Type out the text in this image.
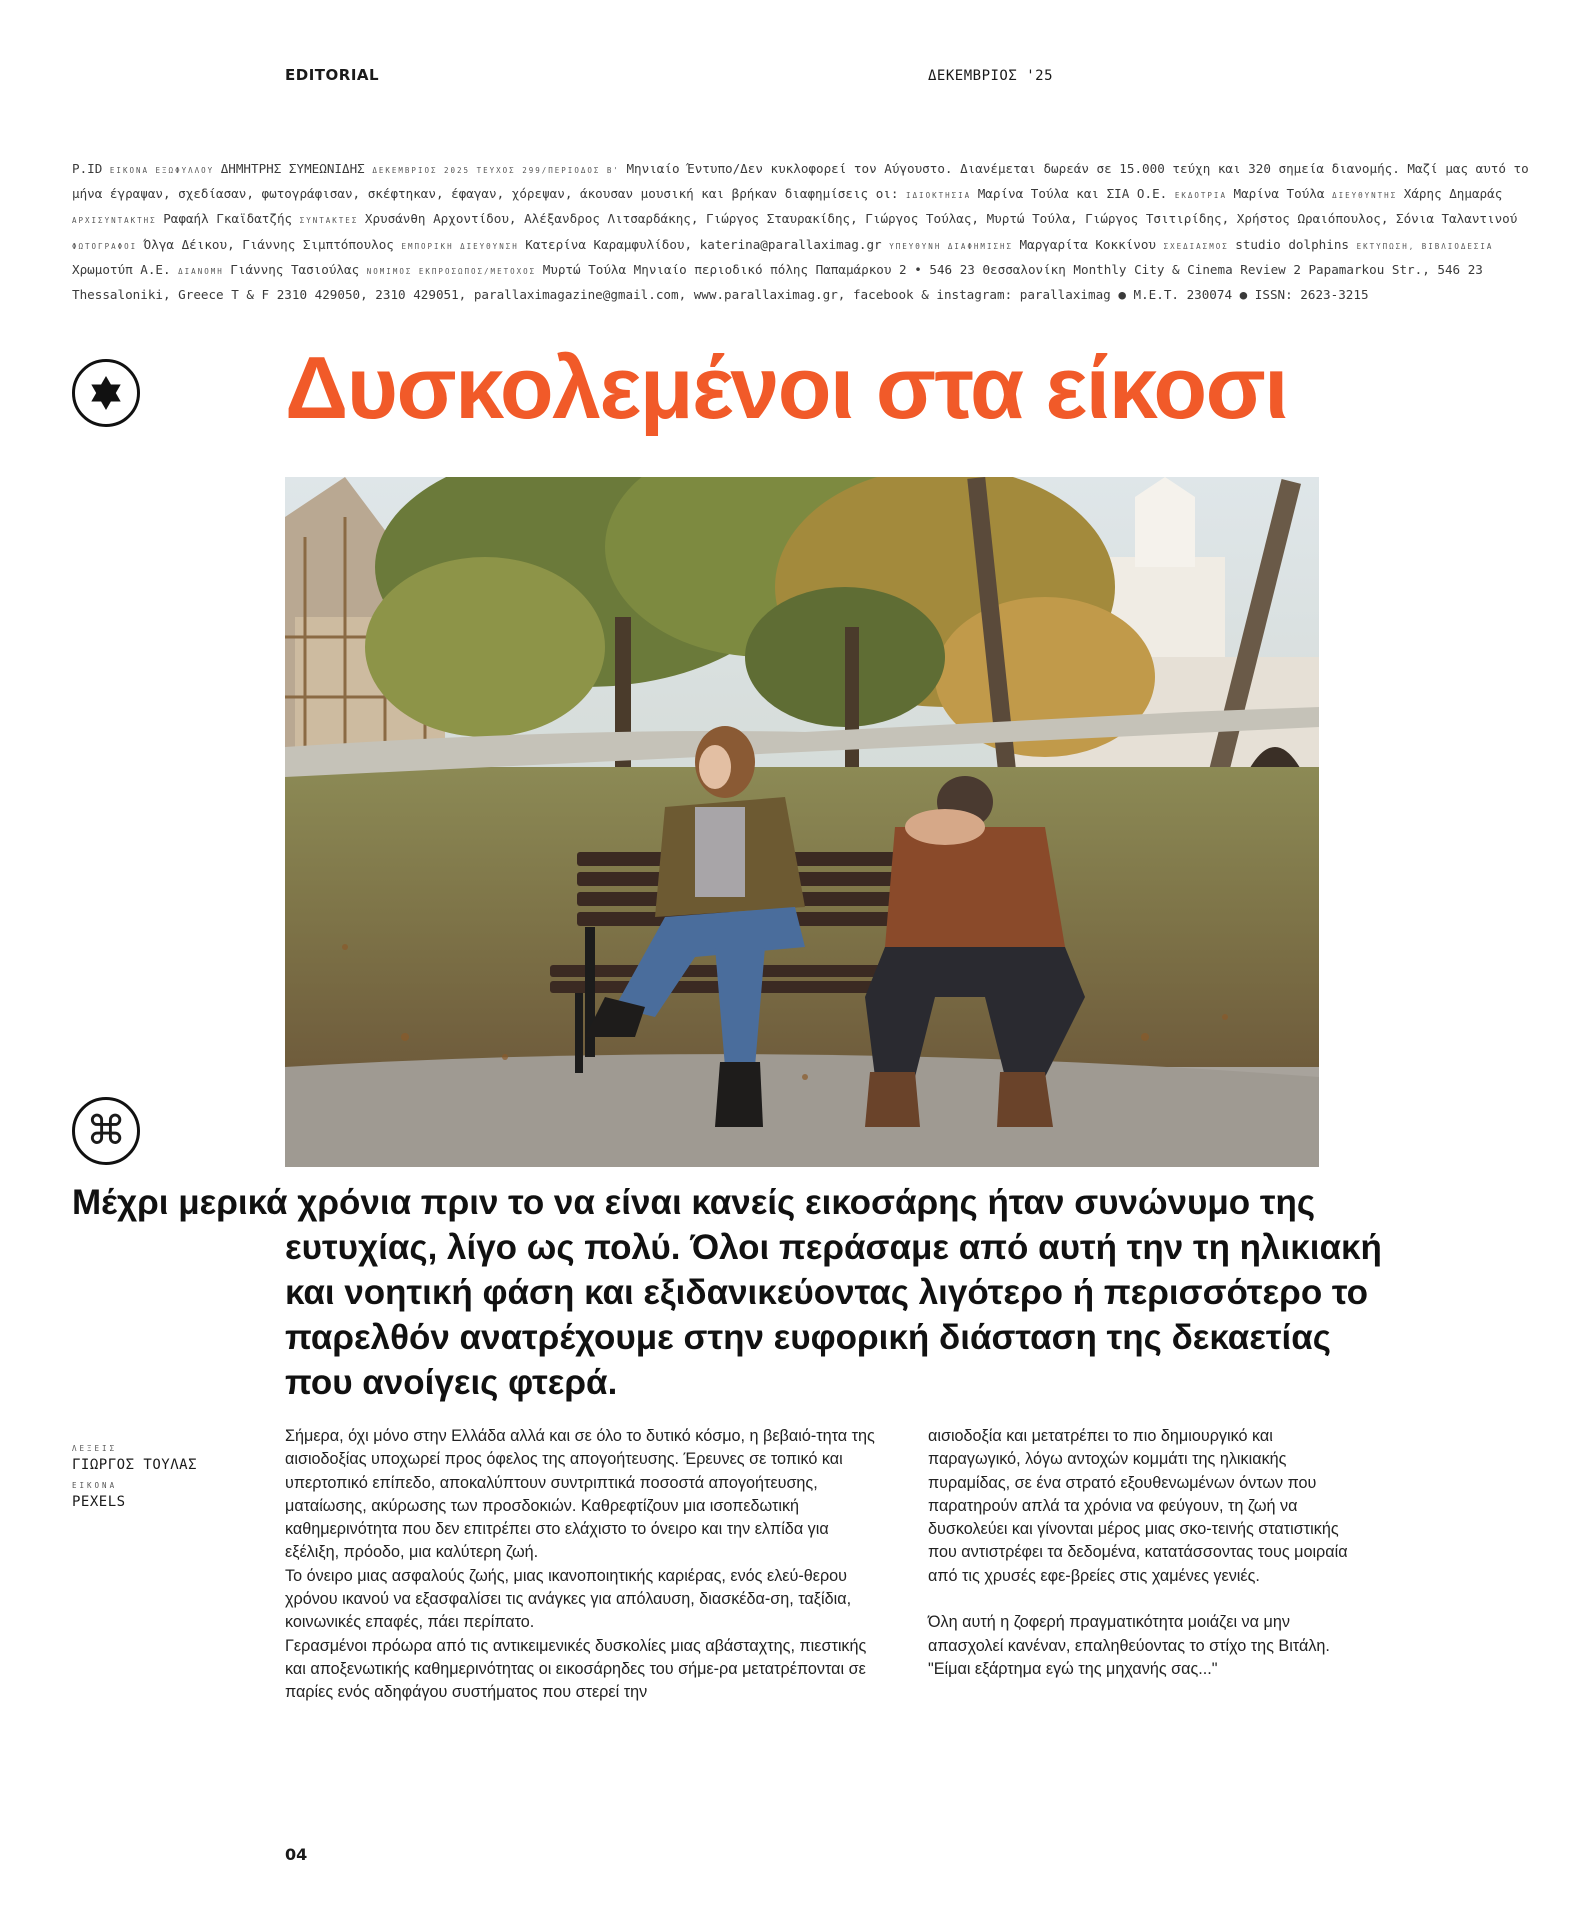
EDITORIAL	ΔΕΚΕΜΒΡΙΟΣ '25
P.ID ΕΙΚΟΝΑ ΕΞΩΦΥΛΛΟΥ ΔΗΜΗΤΡΗΣ ΣΥΜΕΩΝΙΔΗΣ ΔΕΚΕΜΒΡΙΟΣ 2025 ΤΕΥΧΟΣ 299/ΠΕΡΙΟΔΟΣ Β' Μηνιαίο Έντυπο/Δεν κυκλοφορεί τον Αύγουστο. Διανέμεται δωρεάν σε 15.000 τεύχη και 320 σημεία διανομής. Μαζί μας αυτό το μήνα έγραψαν, σχεδίασαν, φωτογράφισαν, σκέφτηκαν, έφαγαν, χόρεψαν, άκουσαν μουσική και βρήκαν διαφημίσεις οι: ΙΔΙΟΚΤΗΣΙΑ Μαρίνα Τούλα και ΣΙΑ Ο.Ε. ΕΚΔΟΤΡΙΑ Μαρίνα Τούλα ΔΙΕΥΘΥΝΤΗΣ Χάρης Δημαράς ΑΡΧΙΣΥΝΤΑΚΤΗΣ Ραφαήλ Γκαϊδατζής ΣΥΝΤΑΚΤΕΣ Χρυσάνθη Αρχοντίδου, Αλέξανδρος Λιτσαρδάκης, Γιώργος Σταυρακίδης, Γιώργος Τούλας, Μυρτώ Τούλα, Γιώργος Τσιτιρίδης, Χρήστος Ωραιόπουλος, Σόνια Ταλαντινού ΦΩΤΟΓΡΑΦΟΙ Όλγα Δέικου, Γιάννης Σιμπτόπουλος ΕΜΠΟΡΙΚΗ ΔΙΕΥΘΥΝΣΗ Κατερίνα Καραμφυλίδου, katerina@parallaximag.gr ΥΠΕΥΘΥΝΗ ΔΙΑΦΗΜΙΣΗΣ Μαργαρίτα Κοκκίνου ΣΧΕΔΙΑΣΜΟΣ studio dolphins ΕΚΤΥΠΩΣΗ, ΒΙΒΛΙΟΔΕΣΙΑ Χρωμοτύπ Α.Ε. ΔΙΑΝΟΜΗ Γιάννης Τασιούλας ΝΟΜΙΜΟΣ ΕΚΠΡΟΣΩΠΟΣ/ΜΕΤΟΧΟΣ Μυρτώ Τούλα Μηνιαίο περιοδικό πόλης Παπαμάρκου 2 • 546 23 Θεσσαλονίκη Monthly City & Cinema Review 2 Papamarkou Str., 546 23 Thessaloniki, Greece T & F 2310 429050, 2310 429051, parallaximagazine@gmail.com, www.parallaximag.gr, facebook & instagram: parallaximag ● Μ.Ε.Τ. 230074 ● ISSN: 2623-3215
Δυσκολεμένοι στα είκοσι
⌘
Μέχρι μερικά χρόνια πριν το να είναι κανείς εικοσάρης ήταν συνώνυμο της
ευτυχίας, λίγο ως πολύ. Όλοι περάσαμε από αυτή την τη ηλικιακή
και νοητική φάση και εξιδανικεύοντας λιγότερο ή περισσότερο το
παρελθόν ανατρέχουμε στην ευφορική διάσταση της δεκαετίας
που ανοίγεις φτερά.
ΛΕΞΕΙΣ
ΓΙΩΡΓΟΣ ΤΟΥΛΑΣ
ΕΙΚΟΝΑ
PEXELS

Σήμερα, όχι μόνο στην Ελλάδα αλλά και σε όλο το δυτικό κόσμο, η βεβαιό-τητα της αισιοδοξίας υποχωρεί προς όφελος της απογοήτευσης. Έρευνες σε τοπικό και υπερτοπικό επίπεδο, αποκαλύπτουν συντριπτικά ποσοστά απογοήτευσης, ματαίωσης, ακύρωσης των προσδοκιών. Καθρεφτίζουν μια ισοπεδωτική καθημερινότητα που δεν επιτρέπει στο ελάχιστο το όνειρο και την ελπίδα για εξέλιξη, πρόοδο, μια καλύτερη ζωή.

Το όνειρο μιας ασφαλούς ζωής, μιας ικανοποιητικής καριέρας, ενός ελεύ-θερου χρόνου ικανού να εξασφαλίσει τις ανάγκες για απόλαυση, διασκέδα-ση, ταξίδια, κοινωνικές επαφές, πάει περίπατο.

Γερασμένοι πρόωρα από τις αντικειμενικές δυσκολίες μιας αβάσταχτης, πιεστικής και αποξενωτικής καθημερινότητας οι εικοσάρηδες του σήμε-ρα μετατρέπονται σε παρίες ενός αδηφάγου συστήματος που στερεί την

αισιοδοξία και μετατρέπει το πιο δημιουργικό και παραγωγικό, λόγω αντοχών κομμάτι της ηλικιακής πυραμίδας, σε ένα στρατό εξουθενωμένων όντων που παρατηρούν απλά τα χρόνια να φεύγουν, τη ζωή να δυσκολεύει και γίνονται μέρος μιας σκο-τεινής στατιστικής που αντιστρέφει τα δεδομένα, κατατάσσοντας τους μοιραία από τις χρυσές εφε-βρείες στις χαμένες γενιές.

Όλη αυτή η ζοφερή πραγματικότητα μοιάζει να μην απασχολεί κανέναν, επαληθεύοντας το στίχο της Βιτάλη. "Είμαι εξάρτημα εγώ της μηχανής σας..."

04
